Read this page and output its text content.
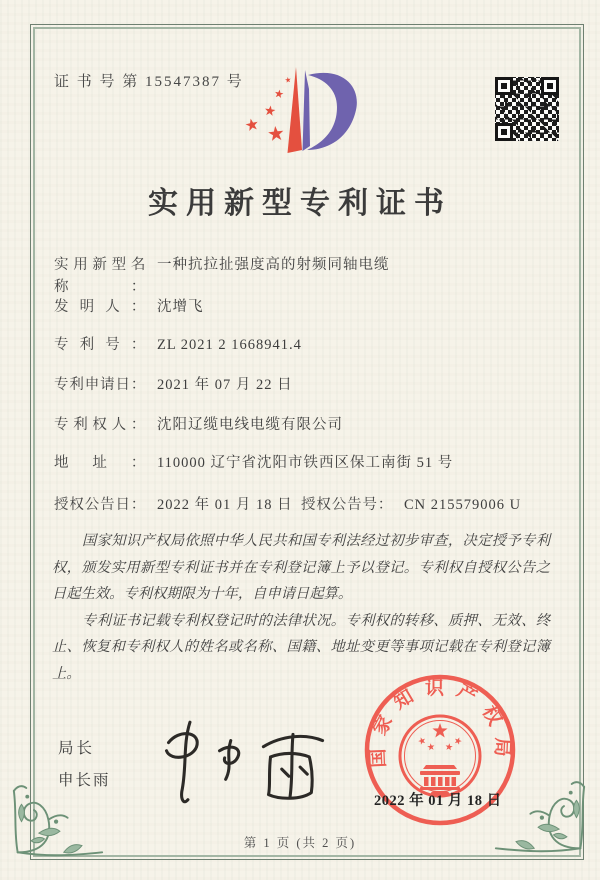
证 书 号 第 15547387 号
实用新型专利证书
实用新型名称： 一种抗拉扯强度高的射频同轴电缆
发明人： 沈增飞
专利号： ZL 2021 2 1668941.4
专利申请日： 2021 年 07 月 22 日
专利权人： 沈阳辽缆电线电缆有限公司
地址： 110000 辽宁省沈阳市铁西区保工南街 51 号
授权公告日： 2022 年 01 月 18 日 授权公告号： CN 215579006 U

国家知识产权局依照中华人民共和国专利法经过初步审查，决定授予专利权，颁发实用新型专利证书并在专利登记簿上予以登记。专利权自授权公告之日起生效。专利权期限为十年，自申请日起算。

专利证书记载专利权登记时的法律状况。专利权的转移、质押、无效、终止、恢复和专利权人的姓名或名称、国籍、地址变更等事项记载在专利登记簿上。

局长
申长雨
国家知识产权局
2022 年 01 月 18 日
第 1 页 (共 2 页)
